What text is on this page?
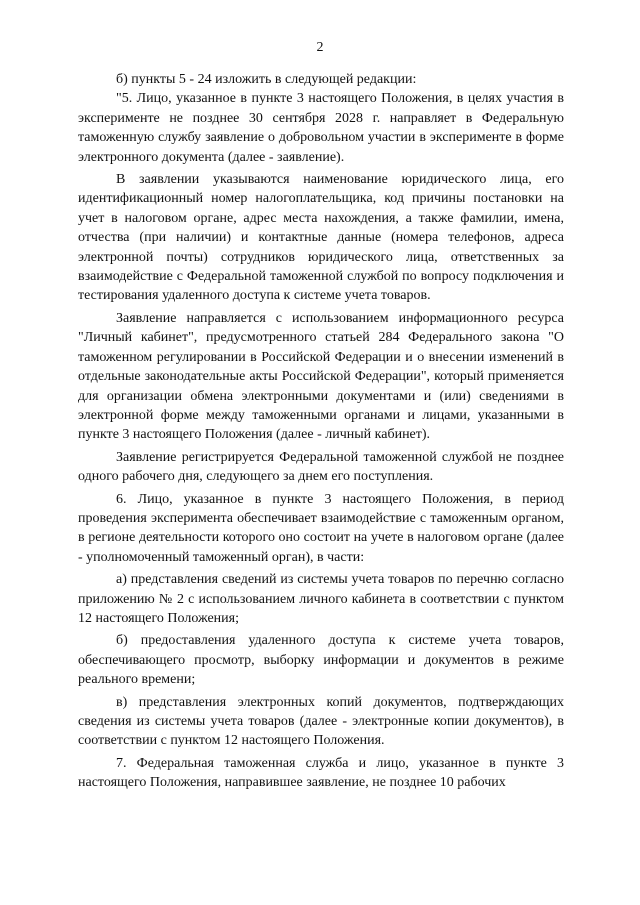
2

б) пункты 5 - 24 изложить в следующей редакции:

"5. Лицо, указанное в пункте 3 настоящего Положения, в целях участия в эксперименте не позднее 30 сентября 2028 г. направляет в Федеральную таможенную службу заявление о добровольном участии в эксперименте в форме электронного документа (далее - заявление).

В заявлении указываются наименование юридического лица, его идентификационный номер налогоплательщика, код причины постановки на учет в налоговом органе, адрес места нахождения, а также фамилии, имена, отчества (при наличии) и контактные данные (номера телефонов, адреса электронной почты) сотрудников юридического лица, ответственных за взаимодействие с Федеральной таможенной службой по вопросу подключения и тестирования удаленного доступа к системе учета товаров.

Заявление направляется с использованием информационного ресурса "Личный кабинет", предусмотренного статьей 284 Федерального закона "О таможенном регулировании в Российской Федерации и о внесении изменений в отдельные законодательные акты Российской Федерации", который применяется для организации обмена электронными документами и (или) сведениями в электронной форме между таможенными органами и лицами, указанными в пункте 3 настоящего Положения (далее - личный кабинет).

Заявление регистрируется Федеральной таможенной службой не позднее одного рабочего дня, следующего за днем его поступления.

6. Лицо, указанное в пункте 3 настоящего Положения, в период проведения эксперимента обеспечивает взаимодействие с таможенным органом, в регионе деятельности которого оно состоит на учете в налоговом органе (далее - уполномоченный таможенный орган), в части:

а) представления сведений из системы учета товаров по перечню согласно приложению № 2 с использованием личного кабинета в соответствии с пунктом 12 настоящего Положения;

б) предоставления удаленного доступа к системе учета товаров, обеспечивающего просмотр, выборку информации и документов в режиме реального времени;

в) представления электронных копий документов, подтверждающих сведения из системы учета товаров (далее - электронные копии документов), в соответствии с пунктом 12 настоящего Положения.

7. Федеральная таможенная служба и лицо, указанное в пункте 3 настоящего Положения, направившее заявление, не позднее 10 рабочих
